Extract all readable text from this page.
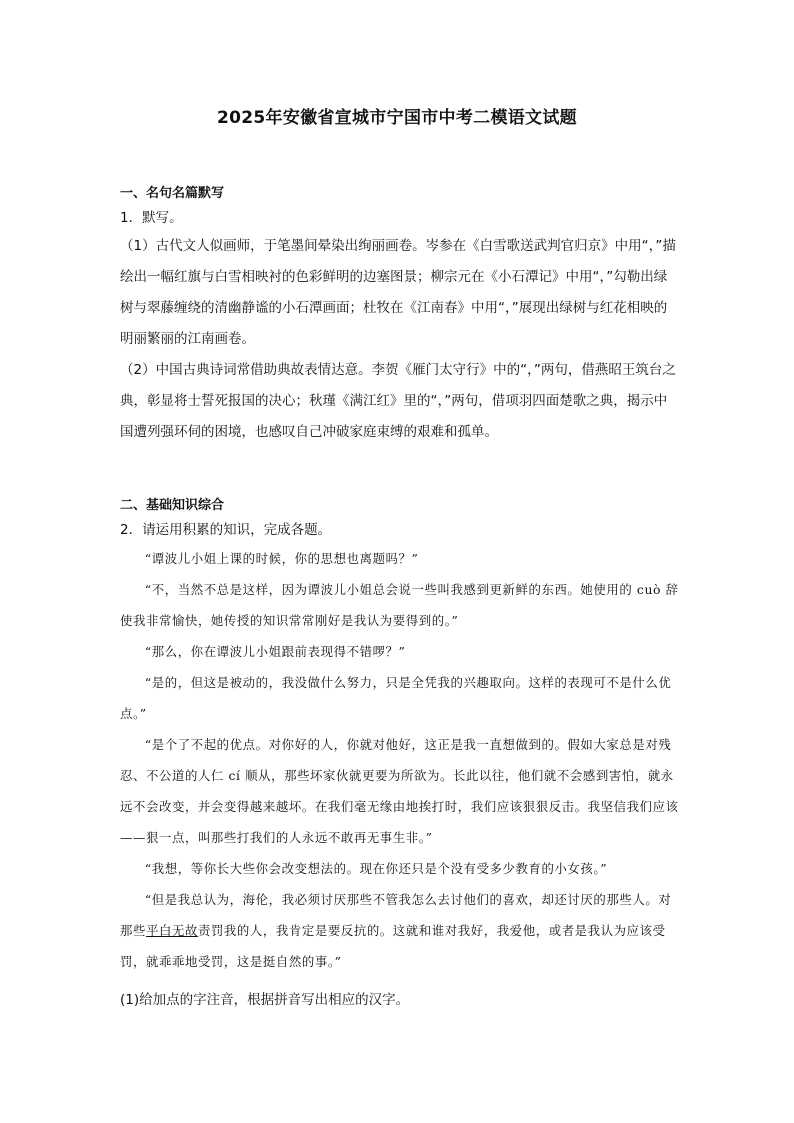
2025年安徽省宣城市宁国市中考二模语文试题
一、名句名篇默写
1．默写。

（1）古代文人似画师，于笔墨间晕染出绚丽画卷。岑参在《白雪歌送武判官归京》中用“，”描绘出一幅红旗与白雪相映衬的色彩鲜明的边塞图景；柳宗元在《小石潭记》中用“，”勾勒出绿树与翠藤缠绕的清幽静谧的小石潭画面；杜牧在《江南春》中用“，”展现出绿树与红花相映的明丽繁丽的江南画卷。

（2）中国古典诗词常借助典故表情达意。李贺《雁门太守行》中的“，”两句，借燕昭王筑台之典，彰显将士誓死报国的决心；秋瑾《满江红》里的“，”两句，借项羽四面楚歌之典，揭示中国遭列强环伺的困境，也感叹自己冲破家庭束缚的艰难和孤单。

二、基础知识综合
2．请运用积累的知识，完成各题。

“谭波儿小姐上课的时候，你的思想也离题吗？”

“不，当然不总是这样，因为谭波儿小姐总会说一些叫我感到更新鲜的东西。她使用的 cuò 辞使我非常愉快，她传授的知识常常刚好是我认为要得到的。”

“那么，你在谭波儿小姐跟前表现得不错啰？”

“是的，但这是被动的，我没做什么努力，只是全凭我的兴趣取向。这样的表现可不是什么优点。”

“是个了不起的优点。对你好的人，你就对他好，这正是我一直想做到的。假如大家总是对残忍、不公道的人仁 cí 顺从，那些坏家伙就更要为所欲为。长此以往，他们就不会感到害怕，就永远不会改变，并会变得越来越坏。在我们毫无缘由地挨打时，我们应该狠狠反击。我坚信我们应该——狠一点，叫那些打我们的人永远不敢再无事生非。”

“我想，等你长大些你会改变想法的。现在你还只是个没有受多少教育的小女孩。”

“但是我总认为，海伦，我必须讨厌那些不管我怎么去讨他们的喜欢，却还讨厌的那些人。对那些平白无故责罚我的人，我肯定是要反抗的。这就和谁对我好，我爱他，或者是我认为应该受罚，就乖乖地受罚，这是挺自然的事。”

(1)给加点的字注音，根据拼音写出相应的汉字。
